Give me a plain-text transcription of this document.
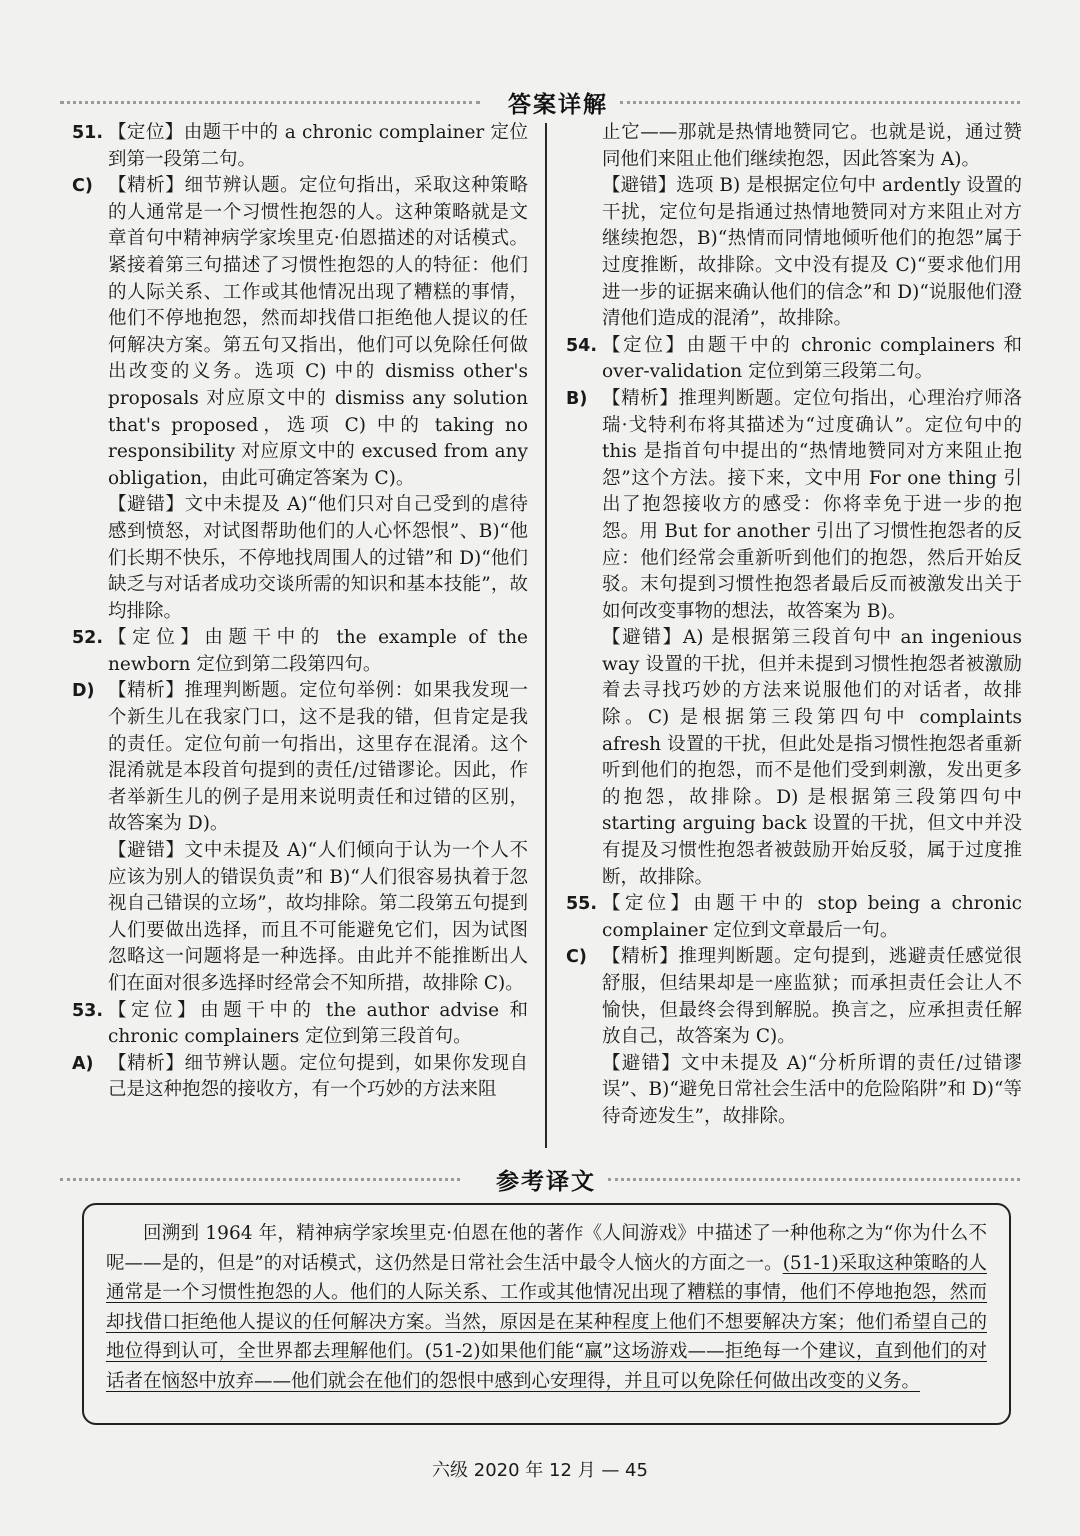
答案详解
51. 【定位】由题干中的 a chronic complainer 定位到第一段第二句。
C) 【精析】细节辨认题。定位句指出，采取这种策略的人通常是一个习惯性抱怨的人。这种策略就是文章首句中精神病学家埃里克·伯恩描述的对话模式。紧接着第三句描述了习惯性抱怨的人的特征：他们的人际关系、工作或其他情况出现了糟糕的事情，他们不停地抱怨，然而却找借口拒绝他人提议的任何解决方案。第五句又指出，他们可以免除任何做出改变的义务。选项 C) 中的 dismiss other's proposals 对应原文中的 dismiss any solution that's proposed，选项 C) 中的 taking no responsibility 对应原文中的 excused from any obligation，由此可确定答案为 C)。

【避错】文中未提及 A)“他们只对自己受到的虐待感到愤怒，对试图帮助他们的人心怀怨恨”、B)“他们长期不快乐，不停地找周围人的过错”和 D)“他们缺乏与对话者成功交谈所需的知识和基本技能”，故均排除。

52. 【定位】由题干中的 the example of the newborn 定位到第二段第四句。
D) 【精析】推理判断题。定位句举例：如果我发现一个新生儿在我家门口，这不是我的错，但肯定是我的责任。定位句前一句指出，这里存在混淆。这个混淆就是本段首句提到的责任/过错谬论。因此，作者举新生儿的例子是用来说明责任和过错的区别，故答案为 D)。

【避错】文中未提及 A)“人们倾向于认为一个人不应该为别人的错误负责”和 B)“人们很容易执着于忽视自己错误的立场”，故均排除。第二段第五句提到人们要做出选择，而且不可能避免它们，因为试图忽略这一问题将是一种选择。由此并不能推断出人们在面对很多选择时经常会不知所措，故排除 C)。

53. 【定位】由题干中的 the author advise 和 chronic complainers 定位到第三段首句。
A) 【精析】细节辨认题。定位句提到，如果你发现自己是这种抱怨的接收方，有一个巧妙的方法来阻

止它——那就是热情地赞同它。也就是说，通过赞同他们来阻止他们继续抱怨，因此答案为 A)。

【避错】选项 B) 是根据定位句中 ardently 设置的干扰，定位句是指通过热情地赞同对方来阻止对方继续抱怨，B)“热情而同情地倾听他们的抱怨”属于过度推断，故排除。文中没有提及 C)“要求他们用进一步的证据来确认他们的信念”和 D)“说服他们澄清他们造成的混淆”，故排除。

54. 【定位】由题干中的 chronic complainers 和 over-validation 定位到第三段第二句。
B) 【精析】推理判断题。定位句指出，心理治疗师洛瑞·戈特利布将其描述为“过度确认”。定位句中的 this 是指首句中提出的“热情地赞同对方来阻止抱怨”这个方法。接下来，文中用 For one thing 引出了抱怨接收方的感受：你将幸免于进一步的抱怨。用 But for another 引出了习惯性抱怨者的反应：他们经常会重新听到他们的抱怨，然后开始反驳。末句提到习惯性抱怨者最后反而被激发出关于如何改变事物的想法，故答案为 B)。

【避错】A) 是根据第三段首句中 an ingenious way 设置的干扰，但并未提到习惯性抱怨者被激励着去寻找巧妙的方法来说服他们的对话者，故排除。C) 是根据第三段第四句中 complaints afresh 设置的干扰，但此处是指习惯性抱怨者重新听到他们的抱怨，而不是他们受到刺激，发出更多的抱怨，故排除。D) 是根据第三段第四句中 starting arguing back 设置的干扰，但文中并没有提及习惯性抱怨者被鼓励开始反驳，属于过度推断，故排除。

55. 【定位】由题干中的 stop being a chronic complainer 定位到文章最后一句。
C) 【精析】推理判断题。定句提到，逃避责任感觉很舒服，但结果却是一座监狱；而承担责任会让人不愉快，但最终会得到解脱。换言之，应承担责任解放自己，故答案为 C)。

【避错】文中未提及 A)“分析所谓的责任/过错谬误”、B)“避免日常社会生活中的危险陷阱”和 D)“等待奇迹发生”，故排除。

参考译文

回溯到 1964 年，精神病学家埃里克·伯恩在他的著作《人间游戏》中描述了一种他称之为“你为什么不呢——是的，但是”的对话模式，这仍然是日常社会生活中最令人恼火的方面之一。(51-1)采取这种策略的人通常是一个习惯性抱怨的人。他们的人际关系、工作或其他情况出现了糟糕的事情，他们不停地抱怨，然而却找借口拒绝他人提议的任何解决方案。当然，原因是在某种程度上他们不想要解决方案；他们希望自己的地位得到认可，全世界都去理解他们。(51-2)如果他们能“赢”这场游戏——拒绝每一个建议，直到他们的对话者在恼怒中放弃——他们就会在他们的怨恨中感到心安理得，并且可以免除任何做出改变的义务。

六级 2020 年 12 月 — 45
